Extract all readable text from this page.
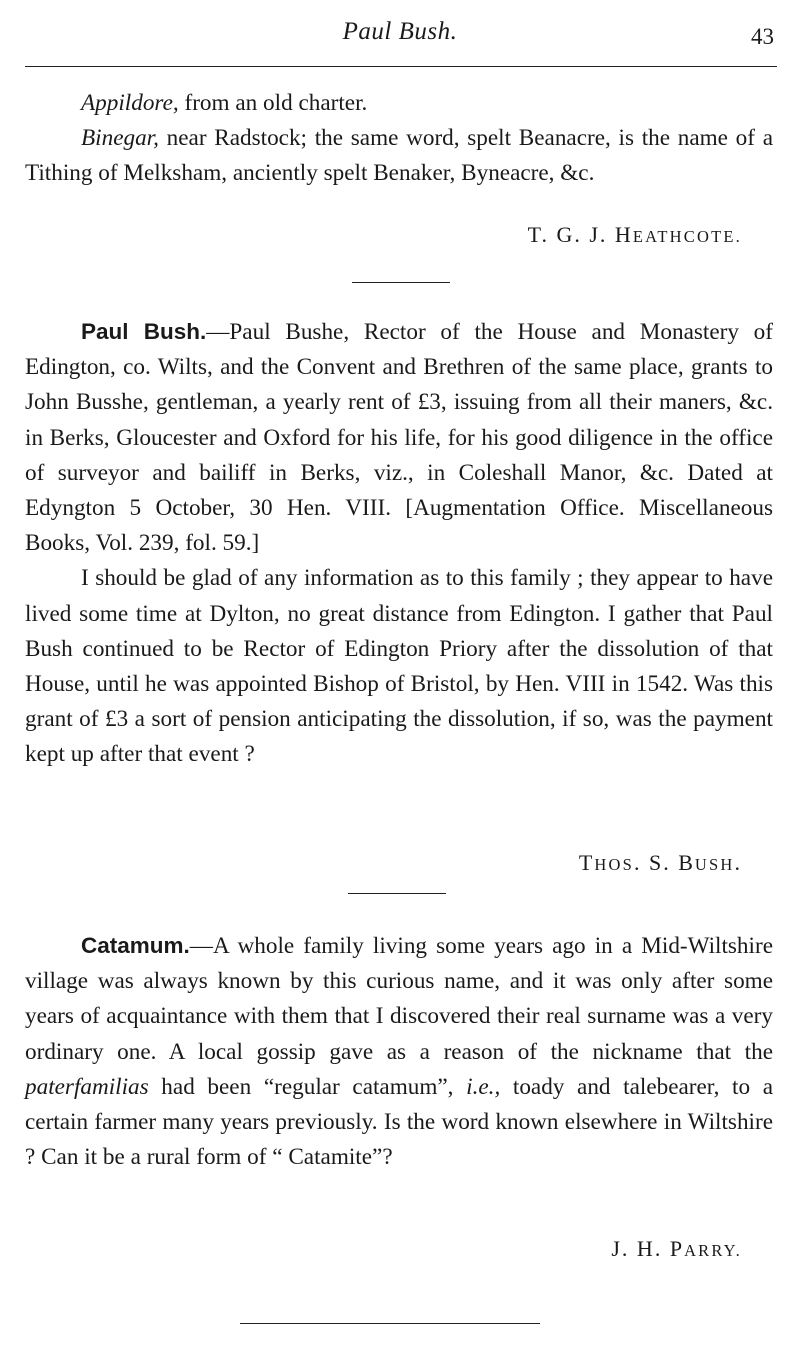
Paul Bush.	43

Appildore, from an old charter.

Binegar, near Radstock; the same word, spelt Beanacre, is the name of a Tithing of Melksham, anciently spelt Benaker, Byneacre, &c.

T. G. J. HEATHCOTE.

Paul Bush.—Paul Bushe, Rector of the House and Monastery of Edington, co. Wilts, and the Convent and Brethren of the same place, grants to John Busshe, gentleman, a yearly rent of £3, issuing from all their maners, &c. in Berks, Gloucester and Oxford for his life, for his good diligence in the office of surveyor and bailiff in Berks, viz., in Coleshall Manor, &c. Dated at Edyngton 5 October, 30 Hen. VIII. [Augmentation Office. Miscellaneous Books, Vol. 239, fol. 59.]

I should be glad of any information as to this family ; they appear to have lived some time at Dylton, no great distance from Edington. I gather that Paul Bush continued to be Rector of Edington Priory after the dissolution of that House, until he was appointed Bishop of Bristol, by Hen. VIII in 1542. Was this grant of £3 a sort of pension anticipating the dissolution, if so, was the payment kept up after that event ?

THOS. S. BUSH.

Catamum.—A whole family living some years ago in a Mid-Wiltshire village was always known by this curious name, and it was only after some years of acquaintance with them that I discovered their real surname was a very ordinary one. A local gossip gave as a reason of the nickname that the paterfamilias had been “regular catamum”, i.e., toady and talebearer, to a certain farmer many years previously. Is the word known elsewhere in Wiltshire ? Can it be a rural form of “ Catamite”?

J. H. PARRY.
